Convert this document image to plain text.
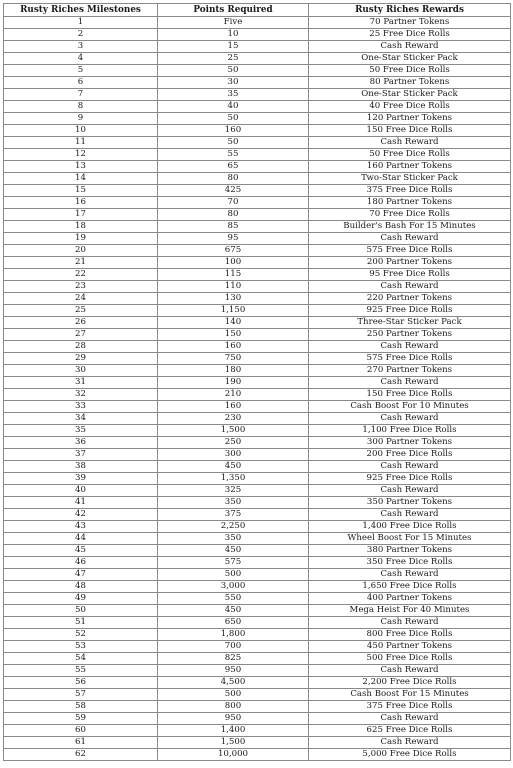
Rusty Riches Milestones	Points Required	Rusty Riches Rewards
1	Five	70 Partner Tokens
2	10	25 Free Dice Rolls
3	15	Cash Reward
4	25	One-Star Sticker Pack
5	50	50 Free Dice Rolls
6	30	80 Partner Tokens
7	35	One-Star Sticker Pack
8	40	40 Free Dice Rolls
9	50	120 Partner Tokens
10	160	150 Free Dice Rolls
11	50	Cash Reward
12	55	50 Free Dice Rolls
13	65	160 Partner Tokens
14	80	Two-Star Sticker Pack
15	425	375 Free Dice Rolls
16	70	180 Partner Tokens
17	80	70 Free Dice Rolls
18	85	Builder's Bash For 15 Minutes
19	95	Cash Reward
20	675	575 Free Dice Rolls
21	100	200 Partner Tokens
22	115	95 Free Dice Rolls
23	110	Cash Reward
24	130	220 Partner Tokens
25	1,150	925 Free Dice Rolls
26	140	Three-Star Sticker Pack
27	150	250 Partner Tokens
28	160	Cash Reward
29	750	575 Free Dice Rolls
30	180	270 Partner Tokens
31	190	Cash Reward
32	210	150 Free Dice Rolls
33	160	Cash Boost For 10 Minutes
34	230	Cash Reward
35	1,500	1,100 Free Dice Rolls
36	250	300 Partner Tokens
37	300	200 Free Dice Rolls
38	450	Cash Reward
39	1,350	925 Free Dice Rolls
40	325	Cash Reward
41	350	350 Partner Tokens
42	375	Cash Reward
43	2,250	1,400 Free Dice Rolls
44	350	Wheel Boost For 15 Minutes
45	450	380 Partner Tokens
46	575	350 Free Dice Rolls
47	500	Cash Reward
48	3,000	1,650 Free Dice Rolls
49	550	400 Partner Tokens
50	450	Mega Heist For 40 Minutes
51	650	Cash Reward
52	1,800	800 Free Dice Rolls
53	700	450 Partner Tokens
54	825	500 Free Dice Rolls
55	950	Cash Reward
56	4,500	2,200 Free Dice Rolls
57	500	Cash Boost For 15 Minutes
58	800	375 Free Dice Rolls
59	950	Cash Reward
60	1,400	625 Free Dice Rolls
61	1,500	Cash Reward
62	10,000	5,000 Free Dice Rolls
